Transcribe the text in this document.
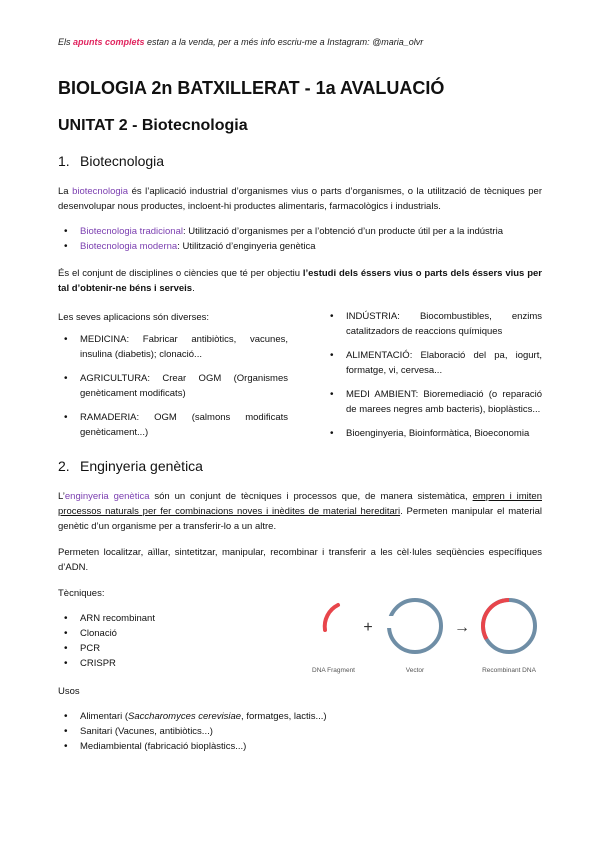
Els apunts complets estan a la venda, per a més info escriu-me a Instagram: @maria_olvr
BIOLOGIA 2n BATXILLERAT - 1a AVALUACIÓ
UNITAT 2 - Biotecnologia
1. Biotecnologia
La biotecnologia és l’aplicació industrial d’organismes vius o parts d’organismes, o la utilització de tècniques per desenvolupar nous productes, incloent-hi productes alimentaris, farmacològics i industrials.
• Biotecnologia tradicional: Utilització d’organismes per a l’obtenció d’un producte útil per a la indústria
• Biotecnologia moderna: Utilització d’enginyeria genètica
És el conjunt de disciplines o ciències que té per objectiu l’estudi dels éssers vius o parts dels éssers vius per tal d’obtenir-ne béns i serveis.
Les seves aplicacions són diverses:
• MEDICINA: Fabricar antibiòtics, vacunes, insulina (diabetis); clonació...
• AGRICULTURA: Crear OGM (Organismes genèticament modificats)
• RAMADERIA: OGM (salmons modificats genèticament...)
• INDÚSTRIA: Biocombustibles, enzims catalitzadors de reaccions químiques
• ALIMENTACIÓ: Elaboració del pa, iogurt, formatge, vi, cervesa...
• MEDI AMBIENT: Bioremediació (o reparació de marees negres amb bacteris), bioplàstics...
• Bioenginyeria, Bioinformàtica, Bioeconomia
2. Enginyeria genètica
L’enginyeria genètica són un conjunt de tècniques i processos que, de manera sistemàtica, empren i imiten processos naturals per fer combinacions noves i inèdites de material hereditari. Permeten manipular el material genètic d’un organisme per a transferir-lo a un altre.
Permeten localitzar, aïllar, sintetitzar, manipular, recombinar i transferir a les cèl·lules seqüències específiques d’ADN.
Tècniques:
• ARN recombinant
• Clonació
• PCR
• CRISPR
Usos
• Alimentari (Saccharomyces cerevisiae, formatges, lactis...)
• Sanitari (Vacunes, antibiòtics...)
• Mediambiental (fabricació bioplàstics...)
+	→
DNA Fragment	Vector	Recombinant DNA
